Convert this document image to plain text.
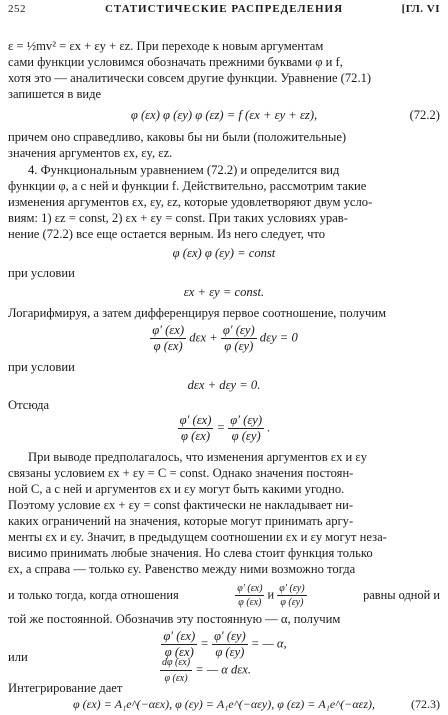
252	СТАТИСТИЧЕСКИЕ РАСПРЕДЕЛЕНИЯ	[ГЛ. VI
ε = ½mv² = εx + εy + εz. При переходе к новым аргументам
сами функции условимся обозначать прежними буквами φ и f,
хотя это — аналитически совсем другие функции. Уравнение (72.1)
запишется в виде
φ (εx) φ (εy) φ (εz) = f (εx + εy + εz),	(72.2)
причем оно справедливо, каковы бы ни были (положительные)
значения аргументов εx, εy, εz.
4. Функциональным уравнением (72.2) и определится вид
функции φ, а с ней и функции f. Действительно, рассмотрим такие
изменения аргументов εx, εy, εz, которые удовлетворяют двум усло-
виям: 1) εz = const, 2) εx + εy = const. При таких условиях урав-
нение (72.2) все еще остается верным. Из него следует, что
φ (εx) φ (εy) = const
при условии
εx + εy = const.
Логарифмируя, а затем дифференцируя первое соотношение, получим
$\frac{\varphi' (\varepsilon x)}{\varphi (\varepsilon x)}$ $d\varepsilon x + \frac{\varphi' (\varepsilon y)}{\varphi (\varepsilon y)}$ dεy = 0
при условии
dεx + dεy = 0.
Отсюда
$\frac{\varphi' (\varepsilon x)}{\varphi (\varepsilon x)} = \frac{\varphi' (\varepsilon y)}{\varphi (\varepsilon y)}$ .
При выводе предполагалось, что изменения аргументов εx и εy
связаны условием εx + εy = C = const. Однако значения постоян-
ной C, а с ней и аргументов εx и εy могут быть какими угодно.
Поэтому условие εx + εy = const фактически не накладывает ни-
каких ограничений на значения, которые могут принимать аргу-
менты εx и εy. Значит, в предыдущем соотношении εx и εy могут неза-
висимо принимать любые значения. Но слева стоит функция только
εx, а справа — только εy. Равенство между ними возможно тогда
и только тогда, когда отношения	$\frac{\varphi' (\varepsilon x)}{\varphi (\varepsilon x)}$ и $\frac{\varphi' (\varepsilon y)}{\varphi (\varepsilon y)}$	равны одной и
той же постоянной. Обозначив эту постоянную — α, получим
$\frac{\varphi' (\varepsilon x)}{\varphi (\varepsilon x)} = \frac{\varphi' (\varepsilon y)}{\varphi (\varepsilon y)}$ = — α,
или	$\frac{d\varphi (\varepsilon x)}{\varphi (\varepsilon x)}$ = — α dεx.
Интегрирование дает
φ (εx) = A₁e^(−αεx), φ (εy) = A₁e^(−αεy), φ (εz) = A₁e^(−αεz),	(72.3)
